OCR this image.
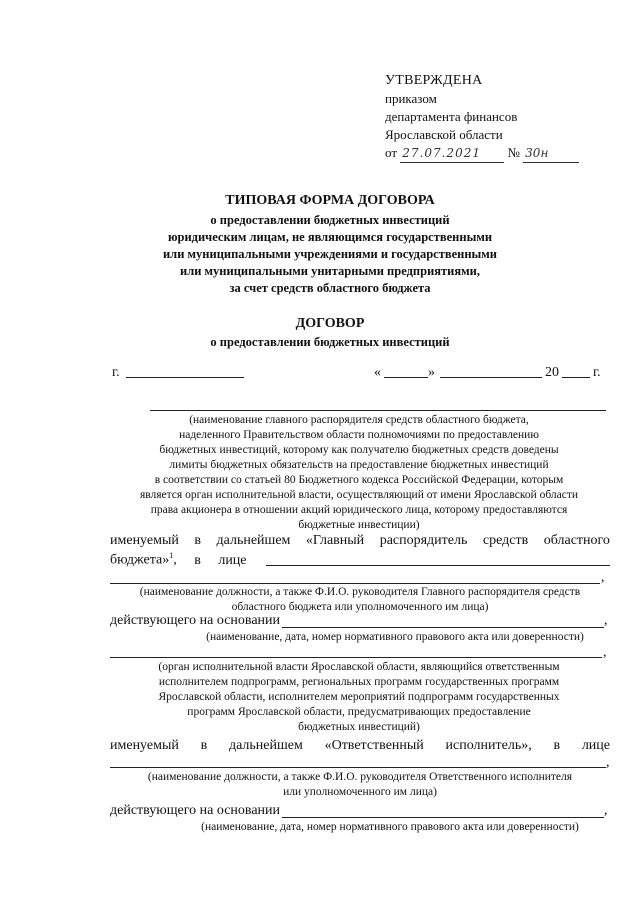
УТВЕРЖДЕНА
приказом
департамента финансов
Ярославской области
от 27.07.2021 № 30н
ТИПОВАЯ ФОРМА ДОГОВОРА
о предоставлении бюджетных инвестиций
юридическим лицам, не являющимся государственными
или муниципальными учреждениями и государственными
или муниципальными унитарными предприятиями,
за счет средств областного бюджета
ДОГОВОР
о предоставлении бюджетных инвестиций
г.	«	»	20 г.
(наименование главного распорядителя средств областного бюджета,
наделенного Правительством области полномочиями по предоставлению
бюджетных инвестиций, которому как получателю бюджетных средств доведены
лимиты бюджетных обязательств на предоставление бюджетных инвестиций
в соответствии со статьей 80 Бюджетного кодекса Российской Федерации, которым
является орган исполнительной власти, осуществляющий от имени Ярославской области
права акционера в отношении акций юридического лица, которому предоставляются
бюджетные инвестиции)
именуемый в дальнейшем «Главный распорядитель средств областного
бюджета»$^1$, в лице
,
(наименование должности, а также Ф.И.О. руководителя Главного распорядителя средств
областного бюджета или уполномоченного им лица)
действующего на основании	,
(наименование, дата, номер нормативного правового акта или доверенности)
,
(орган исполнительной власти Ярославской области, являющийся ответственным
исполнителем подпрограмм, региональных программ государственных программ
Ярославской области, исполнителем мероприятий подпрограмм государственных
программ Ярославской области, предусматривающих предоставление
бюджетных инвестиций)
именуемый в дальнейшем «Ответственный исполнитель», в лице
,
(наименование должности, а также Ф.И.О. руководителя Ответственного исполнителя
или уполномоченного им лица)
действующего на основании	,
(наименование, дата, номер нормативного правового акта или доверенности)
